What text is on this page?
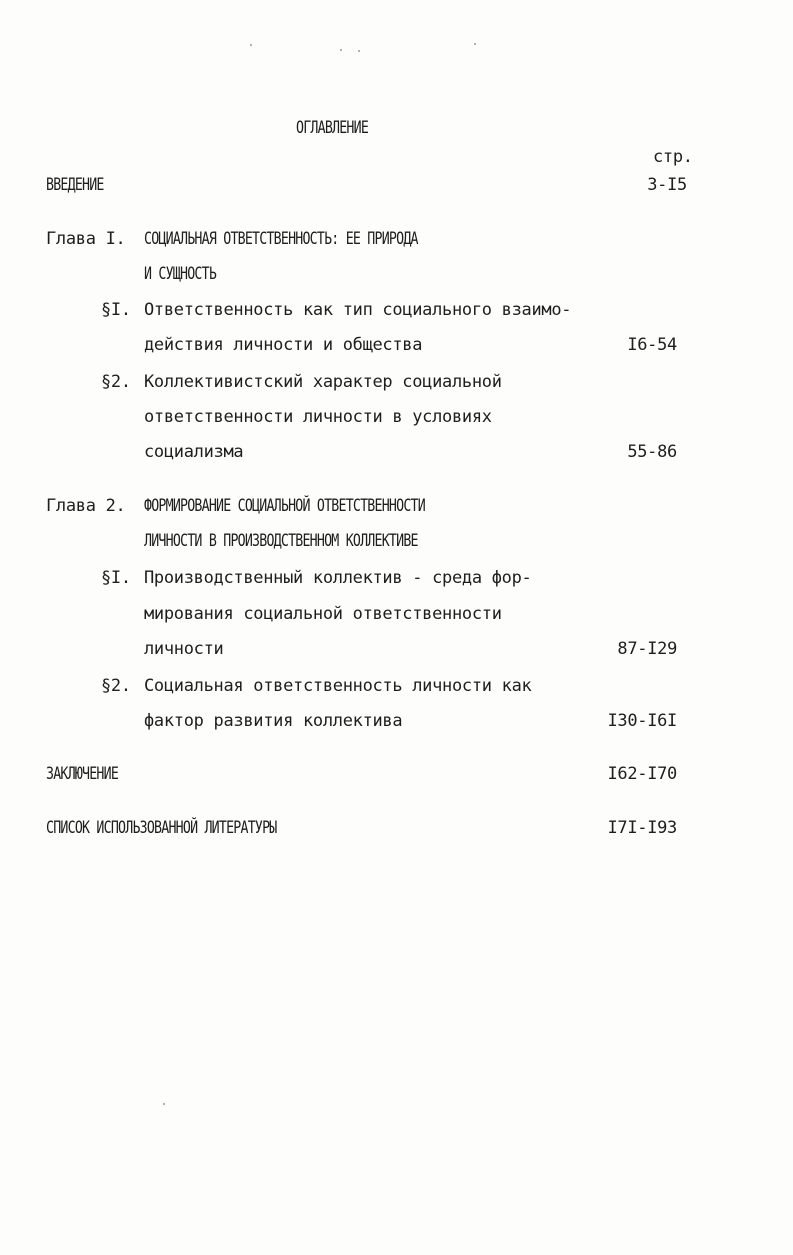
ОГЛАВЛЕНИЕ
стр.
ВВЕДЕНИЕ	3-I5
Глава I. СОЦИАЛЬНАЯ ОТВЕТСТВЕННОСТЬ: ЕЕ ПРИРОДА
И СУЩНОСТЬ
§I. Ответственность как тип социального взаимо-
действия личности и общества	I6-54
§2. Коллективистский характер социальной
ответственности личности в условиях
социализма	55-86
Глава 2. ФОРМИРОВАНИЕ СОЦИАЛЬНОЙ ОТВЕТСТВЕННОСТИ
ЛИЧНОСТИ В ПРОИЗВОДСТВЕННОМ КОЛЛЕКТИВЕ
§I. Производственный коллектив - среда фор-
мирования социальной ответственности
личности	87-I29
§2. Социальная ответственность личности как
фактор развития коллектива	I30-I6I
ЗАКЛЮЧЕНИЕ	I62-I70
СПИСОК ИСПОЛЬЗОВАННОЙ ЛИТЕРАТУРЫ	I7I-I93
